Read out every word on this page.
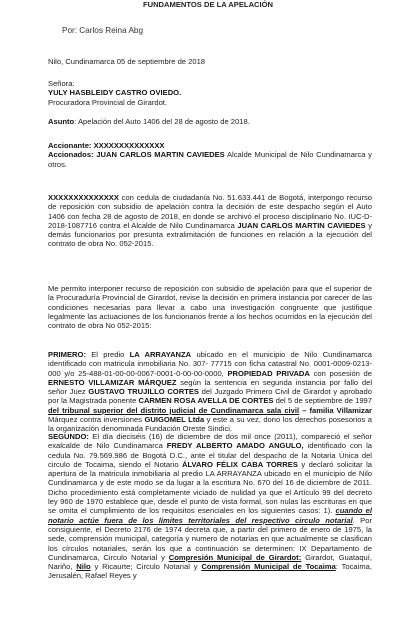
Por: Carlos Reina Abg
Nilo, Cundinamarca 05 de septiembre de 2018
Señora:
YULY HASBLEIDY CASTRO OVIEDO.
Procuradora Provincial de Girardot.
Asunto: Apelación del Auto 1406 del 28 de agosto de 2018.
Accionante: XXXXXXXXXXXXXX
Accionados: JUAN CARLOS MARTIN CAVIEDES Alcalde Municipal de Nilo Cundinamarca y otros.
XXXXXXXXXXXXXX con cedula de ciudadanía No. 51.633.441 de Bogotá, interpongo recurso de reposición con subsidio de apelación contra la decisión de este despacho según el Auto 1406 con fecha 28 de agosto de 2018, en donde se archivó el proceso disciplinario No. IUC-D-2018-1087716 contra el Alcalde de Nilo Cundinamarca JUAN CARLOS MARTIN CAVIEDES y demás funcionarios por presunta extralimitación de funciones en relación a la ejecución del contrato de obra No. 052-2015.
FUNDAMENTOS DE LA APELACIÓN
Me permito interponer recurso de reposición con subsidio de apelación para que el superior de la Procuraduría Provincial de Girardot, revise la decisión en primera instancia por carecer de las condiciones necesarias para llevar a cabo una investigación congruente que justifique legalmente las actuaciones de los funcionarios frente a los hechos ocurridos en la ejecución del contrato de obra No 052-2015:
PRIMERO: El predio LA ARRAYANZA ubicado en el municipio de Nilo Cundinamarca identificado con matricula inmobiliaria No. 307- 77715 con ficha catastral No. 0001-0009-0213-000 y/o 25-488-01-00-00-0067-0001-0-00-00-0000, PROPIEDAD PRIVADA con posesión de ERNESTO VILLAMIZAR MÁRQUEZ según la sentencia en segunda instancia por fallo del señor Juez GUSTAVO TRUJILLO CORTES del Juzgado Primero Civil de Girardot y aprobado por la Magistrada ponente CARMEN ROSA AVELLA DE CORTES del 5 de septiembre de 1997 del tribunal superior del distrito judicial de Cundinamarca sala civil – familia Villamizar Márquez contra inversiones GUIGOMEL Ltda y este a su vez, dono los derechos posesorios a la organización denominada Fundación Oreste Sindici.
SEGUNDO: El día dieciséis (16) de diciembre de dos mil once (2011), compareció el señor exalcalde de Nilo Cundinamarca FREDY ALBERTO AMADO ANGULO, identificado con la cedula No. 79.569.986 de Bogotá D.C., ante el titular del despacho de la Notaria Única del circulo de Tocaima, siendo el Notario ÁLVARO FÉLIX CABA TORRES y declaró solicitar la apertura de la matricula inmobiliaria al predio LA ARRAYANZA ubicado en el municipio de Nilo Cundinamarca y de este modo se da lugar a la escritura No. 670 del 16 de diciembre de 2011. Dicho procedimiento está completamente viciado de nulidad ya que el Artículo 99 del decreto ley 960 de 1970 establece que, desde el punto de vista formal, son nulas las escrituras en que se omita el cumplimiento de los requisitos esenciales en los siguientes casos: 1). cuando el notario actúe fuera de los limites territoriales del respectivo circulo notarial. Por consiguiente, el Decreto 2176 de 1974 decreta que, a partir del primero de enero de 1975, la sede, comprensión municipal, categoría y numero de notarías en que actualmente se clasifican los círculos notariales, serán los que a continuación se determinen: IX Departamento de Cundinamarca, Circulo Notarial y Compresión Municipal de Girardot: Girardot, Guataquí, Nariño, Nilo y Ricaurte; Circulo Notarial y Comprensión Municipal de Tocaima: Tocaima, Jerusalén, Rafael Reyes y
